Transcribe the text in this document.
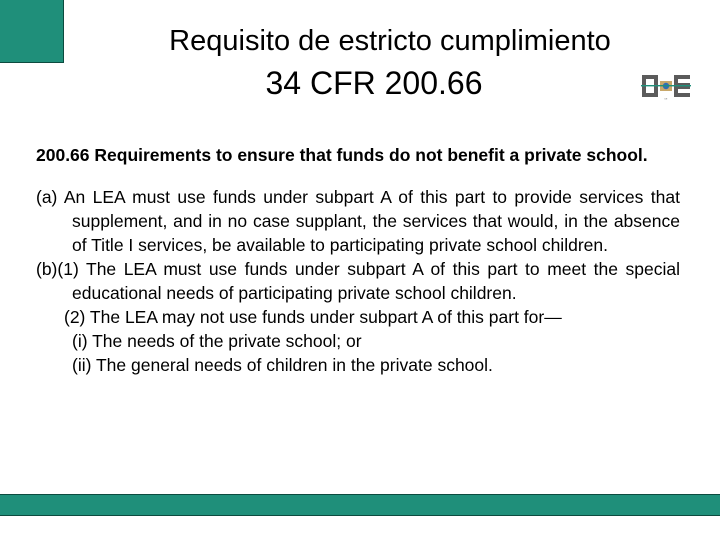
Requisito de estricto cumplimiento
34 CFR 200.66	DE

200.66 Requirements to ensure that funds do not benefit a private school.

(a) An LEA must use funds under subpart A of this part to provide services that supplement, and in no case supplant, the services that would, in the absence of Title I services, be available to participating private school children.

(b)(1) The LEA must use funds under subpart A of this part to meet the special educational needs of participating private school children.

(2) The LEA may not use funds under subpart A of this part for—

(i) The needs of the private school; or

(ii) The general needs of children in the private school.
